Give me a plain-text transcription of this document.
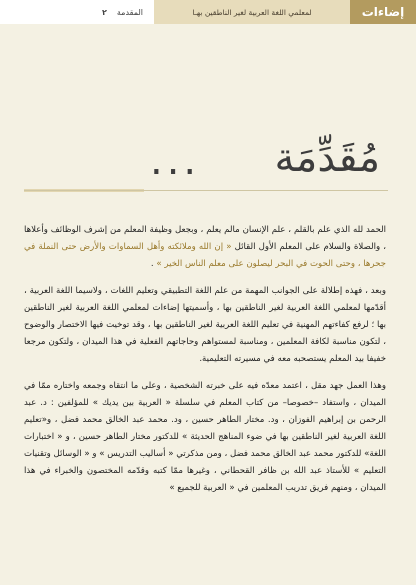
إضاءات
لمعلمي اللغة العربية لغير الناطقين بهـا
المقدمة
٢
مُقَدِّمَة
...

الحمد لله الذي علم بالقلم ، علم الإنسان مالم يعلم ، وبجعل وظيفة المعلم من إشرف الوظائف وأعلاها ، والصلاة والسلام على المعلم الأول القائل « إن الله وملائكته وأهل السماوات والأرض حتى النملة في جحرها ، وحتى الحوت في البحر ليصلون على معلم الناس الخير » .

وبعد ، فهذه إطلالة على الجوانب المهمة من علم اللغة التطبيقي وتعليم اللغات ، ولاسيما اللغة العربية ، أقدّمها لمعلمي اللغة العربية لغير الناطقين بها ، وأسميتها إضاءات لمعلمي اللغة العربية لغير الناطقين بها ؛ لرفع كفاءتهم المهنية في تعليم اللغة العربية لغير الناطقين بها ، وقد توخيت فيها الاختصار والوضوح ، لتكون مناسبة لكافة المعلمين ، ومناسبة لمستواهم وحاجاتهم الفعلية في هذا الميدان ، ولتكون مرجعا خفيفا بيد المعلم يستصحبه معه في مسيرته التعليمية.

وهذا العمل جهد مقل ، اعتمد معدّه فيه على خبرته الشخصية ، وعلى ما انتقاه وجمعه واختاره ممّا في الميدان ، واستفاد –خصوصا– من كتاب المعلم في سلسلة « العربية بين يديك » للمؤلفين : د. عبد الرحمن بن إبراهيم الفوزان ، ود. مختار الطاهر حسين ، ود. محمد عبد الخالق محمد فضل ، و«تعليم اللغة العربية لغير الناطقين بها في ضوء المناهج الحديثة » للدكتور مختار الطاهر حسين ، و « اختبارات اللغة» للدكتور محمد عبد الخالق محمد فضل ، ومن مذكرتي « أساليب التدريس » و « الوسائل وتقنيات التعليم » للأستاذ عبد الله بن ظافر القحطاني ، وغيرها ممّا كتبه وقدّمه المختصون والخبراء في هذا الميدان ، ومنهم فريق تدريب المعلمين في « العربية للجميع »
